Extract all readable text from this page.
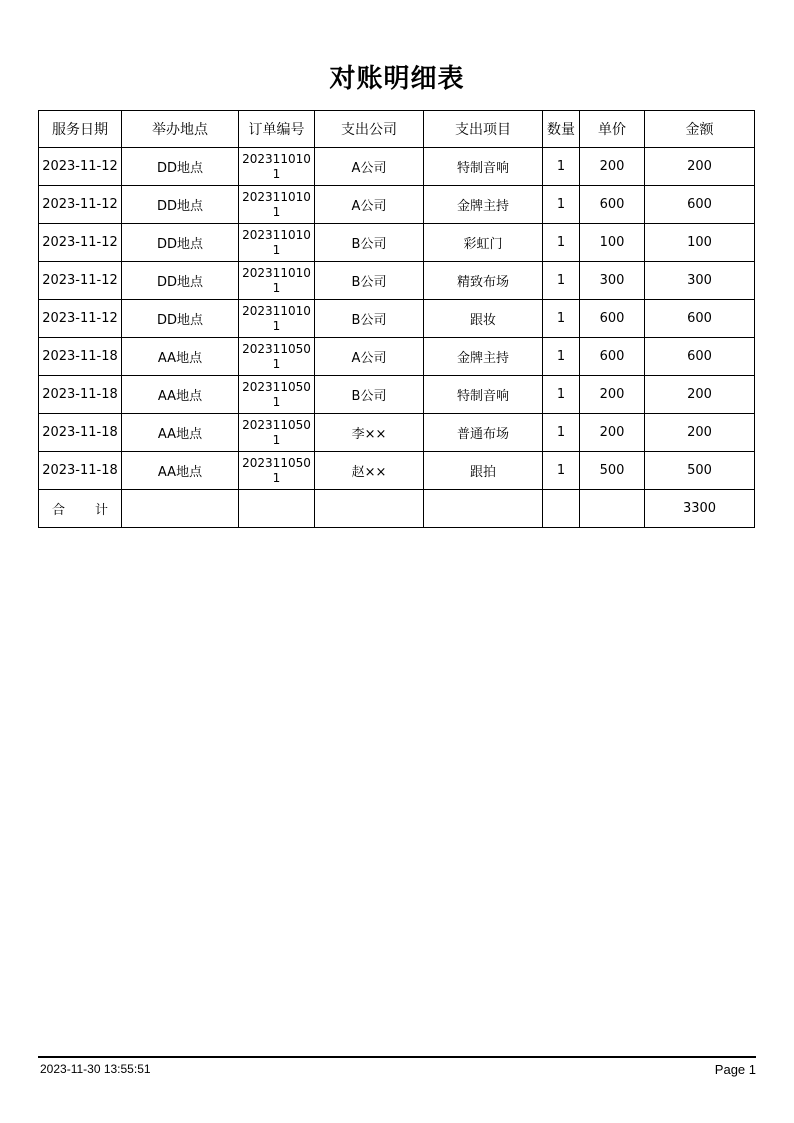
对账明细表
服务日期	举办地点	订单编号	支出公司	支出项目	数量	单价	金额
2023-11-12	DD地点	2023110101	A公司	特制音响	1	200	200
2023-11-12	DD地点	2023110101	A公司	金牌主持	1	600	600
2023-11-12	DD地点	2023110101	B公司	彩虹门	1	100	100
2023-11-12	DD地点	2023110101	B公司	精致布场	1	300	300
2023-11-12	DD地点	2023110101	B公司	跟妆	1	600	600
2023-11-18	AA地点	2023110501	A公司	金牌主持	1	600	600
2023-11-18	AA地点	2023110501	B公司	特制音响	1	200	200
2023-11-18	AA地点	2023110501	李××	普通布场	1	200	200
2023-11-18	AA地点	2023110501	赵××	跟拍	1	500	500
合 计							3300
2023-11-30 13:55:51	Page 1
